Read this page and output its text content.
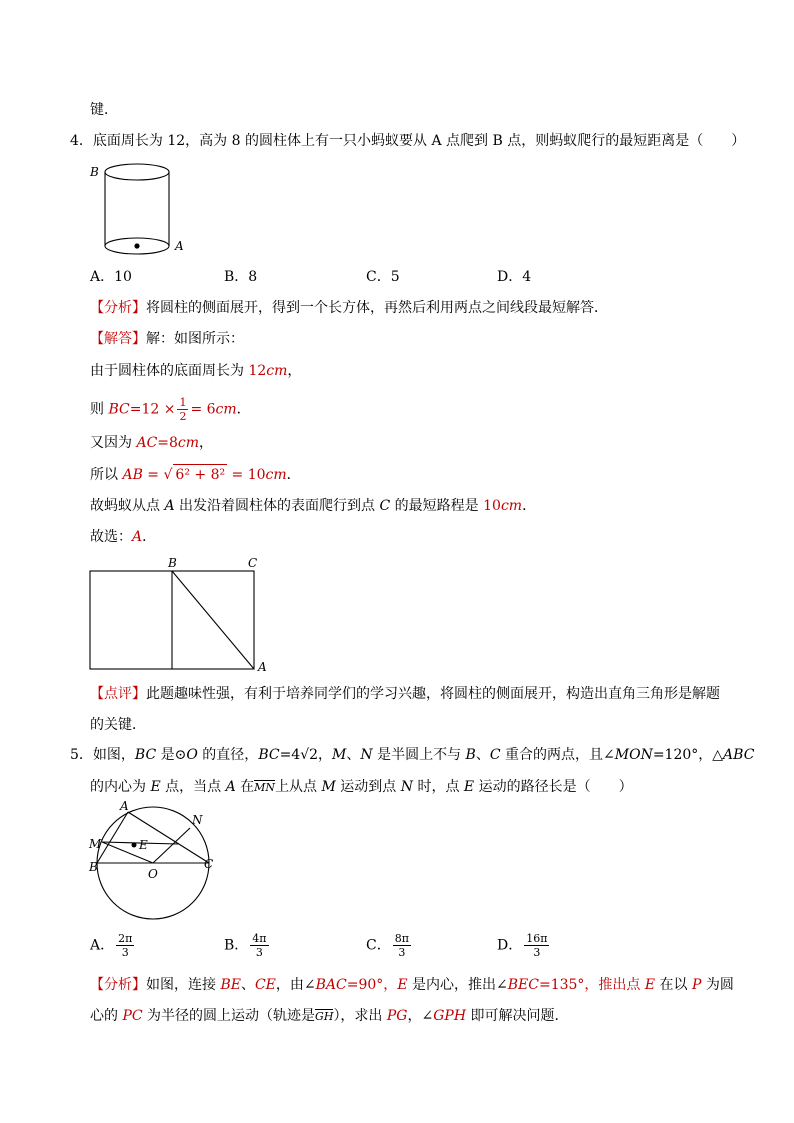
键．
4．底面周长为 12，高为 8 的圆柱体上有一只小蚂蚁要从 A 点爬到 B 点，则蚂蚁爬行的最短距离是（　　）
B
A
A．10	B．8	C．5	D．4
【分析】将圆柱的侧面展开，得到一个长方体，再然后利用两点之间线段最短解答．
【解答】解：如图所示：
由于圆柱体的底面周长为 12cm，
则 $BC=12 \times \frac{1}{2} = 6cm$．
又因为 AC=8cm，
所以 AB = √ 6² + 8² = 10cm．
故蚂蚁从点 A 出发沿着圆柱体的表面爬行到点 C 的最短路程是 10cm．
故选：A．
B	C
A
【点评】此题趣味性强，有利于培养同学们的学习兴趣，将圆柱的侧面展开，构造出直角三角形是解题
的关键．
5．如图，BC 是⊙O 的直径，BC=4√2，M、N 是半圆上不与 B、C 重合的两点，且∠MON=120°，△ABC
的内心为 E 点，当点 A 在MN上从点 M 运动到点 N 时，点 E 运动的路径长是（　　）
A
N
M	E
B	O
C
A． $\frac{2\pi}{3}$	B． $\frac{4\pi}{3}$	C． $\frac{8\pi}{3}$	D． $\frac{16\pi}{3}$
【分析】如图，连接 BE、CE，由∠BAC=90°，E 是内心，推出∠BEC=135°，推出点 E 在以 P 为圆
心的 PC 为半径的圆上运动（轨迹是GH），求出 PG，∠GPH 即可解决问题．
